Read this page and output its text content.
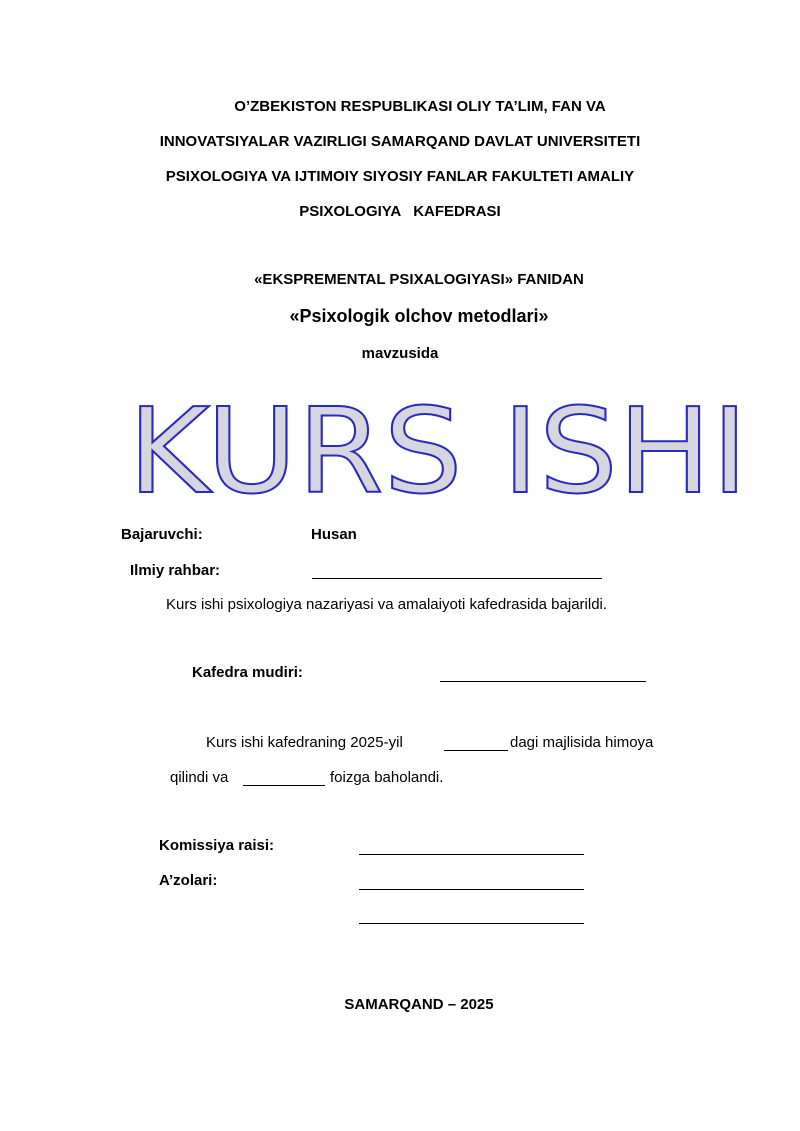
O’ZBEKISTON RESPUBLIKASI OLIY TA’LIM, FAN VA
INNOVATSIYALAR VAZIRLIGI SAMARQAND DAVLAT UNIVERSITETI
PSIXOLOGIYA VA IJTIMOIY SIYOSIY FANLAR FAKULTETI AMALIY
PSIXOLOGIYA   KAFEDRASI
«EKSPREMENTAL PSIXALOGIYASI» FANIDAN
«Psixologik olchov metodlari»
mavzusida
KURS ISHI
Bajaruvchi:	Husan
Ilmiy rahbar:
Kurs ishi psixologiya nazariyasi va amalaiyoti kafedrasida bajarildi.
Kafedra mudiri:
Kurs ishi kafedraning 2025-yil	dagi majlisida himoya
qilindi va	foizga baholandi.
Komissiya raisi:
A’zolari:
SAMARQAND – 2025
